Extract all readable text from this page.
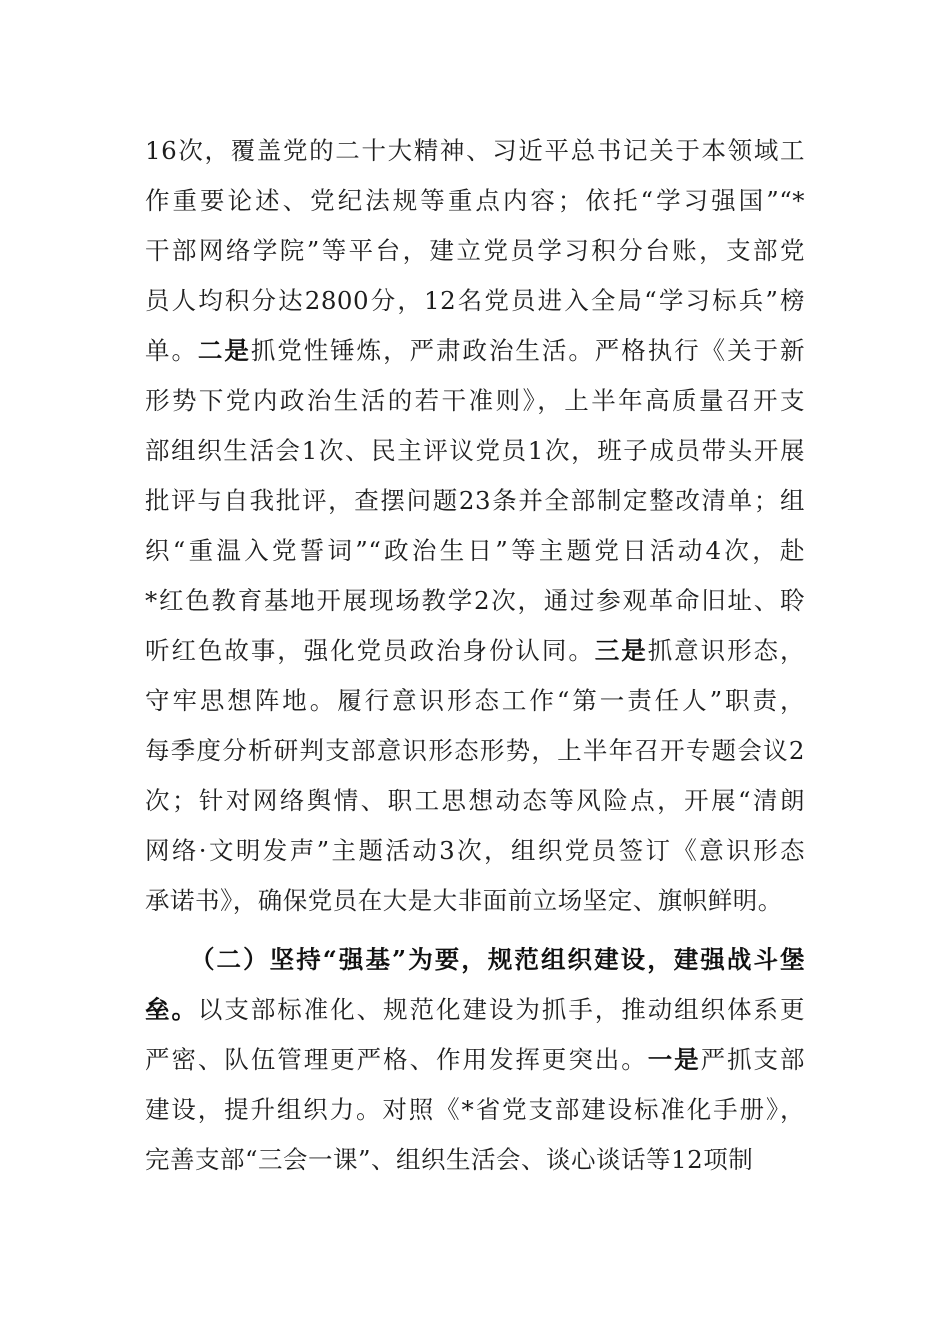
16次，覆盖党的二十大精神、习近平总书记关于本领域工
作重要论述、党纪法规等重点内容；依托“学习强国”“*
干部网络学院”等平台，建立党员学习积分台账，支部党
员人均积分达2800分，12名党员进入全局“学习标兵”榜
单。二是抓党性锤炼，严肃政治生活。严格执行《关于新
形势下党内政治生活的若干准则》，上半年高质量召开支
部组织生活会1次、民主评议党员1次，班子成员带头开展
批评与自我批评，查摆问题23条并全部制定整改清单；组
织“重温入党誓词”“政治生日”等主题党日活动4次，赴
*红色教育基地开展现场教学2次，通过参观革命旧址、聆
听红色故事，强化党员政治身份认同。三是抓意识形态，
守牢思想阵地。履行意识形态工作“第一责任人”职责，
每季度分析研判支部意识形态形势，上半年召开专题会议2
次；针对网络舆情、职工思想动态等风险点，开展“清朗
网络·文明发声”主题活动3次，组织党员签订《意识形态
承诺书》，确保党员在大是大非面前立场坚定、旗帜鲜明。
（二）坚持“强基”为要，规范组织建设，建强战斗堡
垒。以支部标准化、规范化建设为抓手，推动组织体系更
严密、队伍管理更严格、作用发挥更突出。一是严抓支部
建设，提升组织力。对照《*省党支部建设标准化手册》，
完善支部“三会一课”、组织生活会、谈心谈话等12项制
